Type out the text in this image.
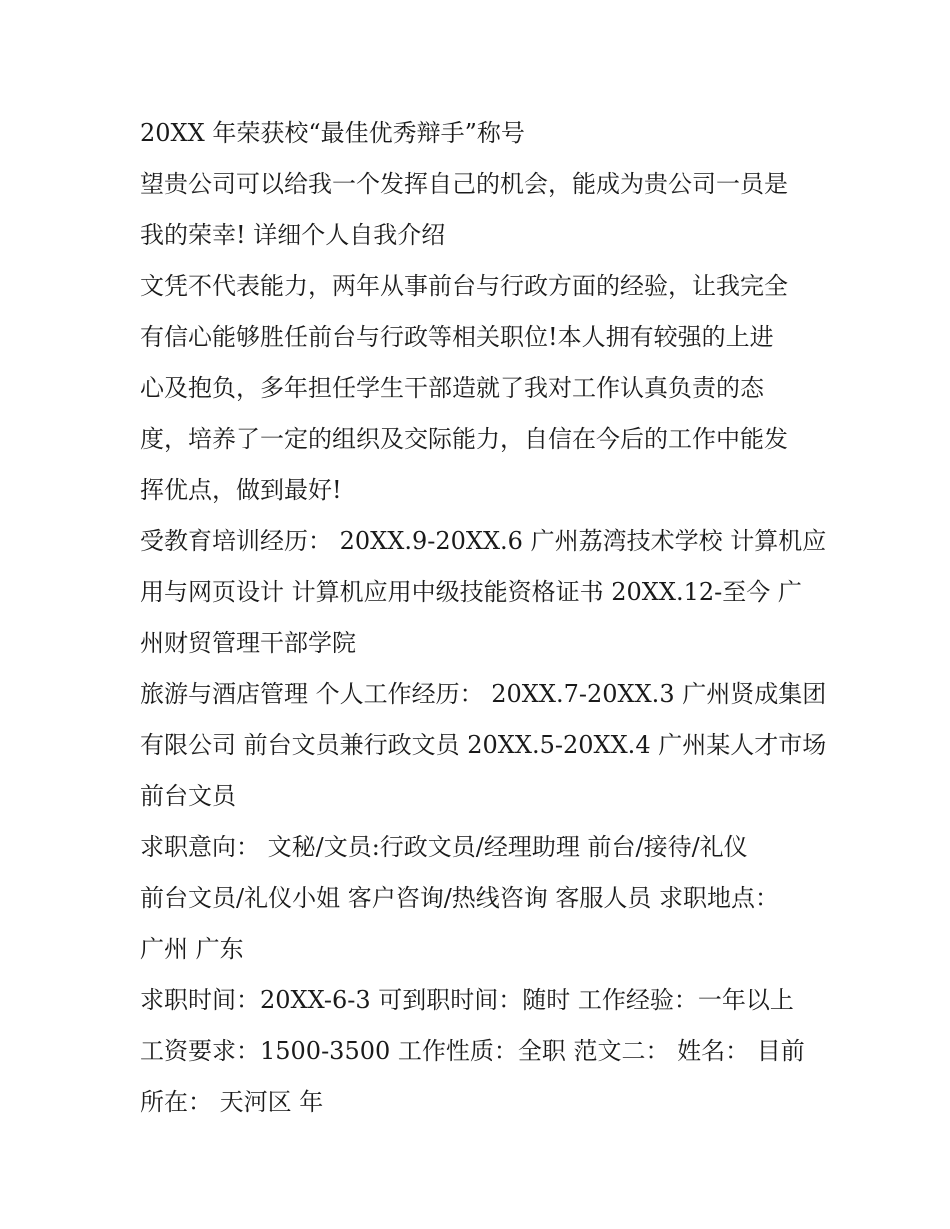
20XX 年荣获校“最佳优秀辩手”称号
望贵公司可以给我一个发挥自己的机会，能成为贵公司一员是
我的荣幸! 详细个人自我介绍
文凭不代表能力，两年从事前台与行政方面的经验，让我完全
有信心能够胜任前台与行政等相关职位!本人拥有较强的上进
心及抱负，多年担任学生干部造就了我对工作认真负责的态
度，培养了一定的组织及交际能力，自信在今后的工作中能发
挥优点，做到最好!
受教育培训经历： 20XX.9-20XX.6 广州荔湾技术学校 计算机应
用与网页设计 计算机应用中级技能资格证书 20XX.12-至今 广
州财贸管理干部学院
旅游与酒店管理 个人工作经历： 20XX.7-20XX.3 广州贤成集团
有限公司 前台文员兼行政文员 20XX.5-20XX.4 广州某人才市场
前台文员
求职意向： 文秘/文员:行政文员/经理助理 前台/接待/礼仪
前台文员/礼仪小姐 客户咨询/热线咨询 客服人员 求职地点：
广州 广东
求职时间：20XX-6-3 可到职时间：随时 工作经验：一年以上
工资要求：1500-3500 工作性质：全职 范文二： 姓名： 目前
所在： 天河区 年
